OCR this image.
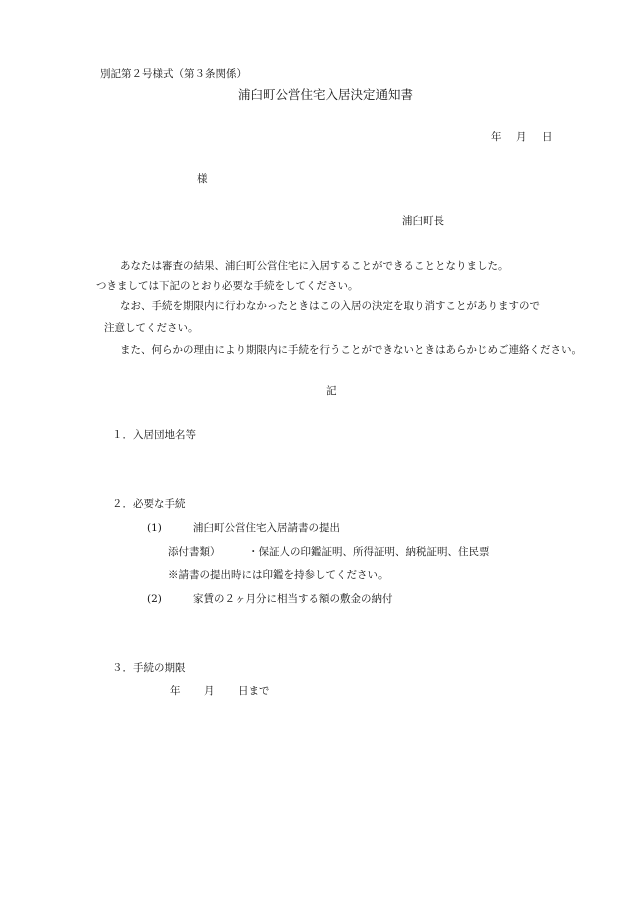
別記第２号様式（第３条関係）
浦臼町公営住宅入居決定通知書
年 月 日
様
浦臼町長
あなたは審査の結果、浦臼町公営住宅に入居することができることとなりました。
つきましては下記のとおり必要な手続をしてください。
なお、手続を期限内に行わなかったときはこの入居の決定を取り消すことがありますので
注意してください。
また、何らかの理由により期限内に手続を行うことができないときはあらかじめご連絡ください。
記
１．入居団地名等
２．必要な手続
(1)	浦臼町公営住宅入居請書の提出
添付書類）	・保証人の印鑑証明、所得証明、納税証明、住民票
※請書の提出時には印鑑を持参してください。
(2)	家賃の２ヶ月分に相当する額の敷金の納付
３．手続の期限
年 月 日まで
